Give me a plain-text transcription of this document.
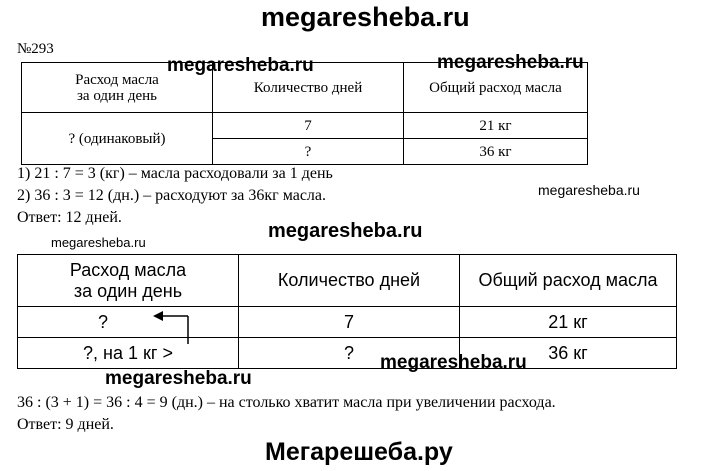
megaresheba.ru
№293
Расход масла
за один день	Количество дней	Общий расход масла
? (одинаковый)	7	21 кг
	?	36 кг
megaresheba.ru	megaresheba.ru
1) 21 : 7 = 3 (кг) – масла расходовали за 1 день
2) 36 : 3 = 12 (дн.) – расходуют за 36кг масла.
Ответ: 12 дней.
megaresheba.ru
megaresheba.ru
megaresheba.ru
Расход масла
за один день	Количество дней	Общий расход масла
?	7	21 кг
?, на 1 кг >	?	36 кг
megaresheba.ru
megaresheba.ru
36 : (3 + 1) = 36 : 4 = 9 (дн.) – на столько хватит масла при увеличении расхода.
Ответ: 9 дней.
Мегарешеба.ру
